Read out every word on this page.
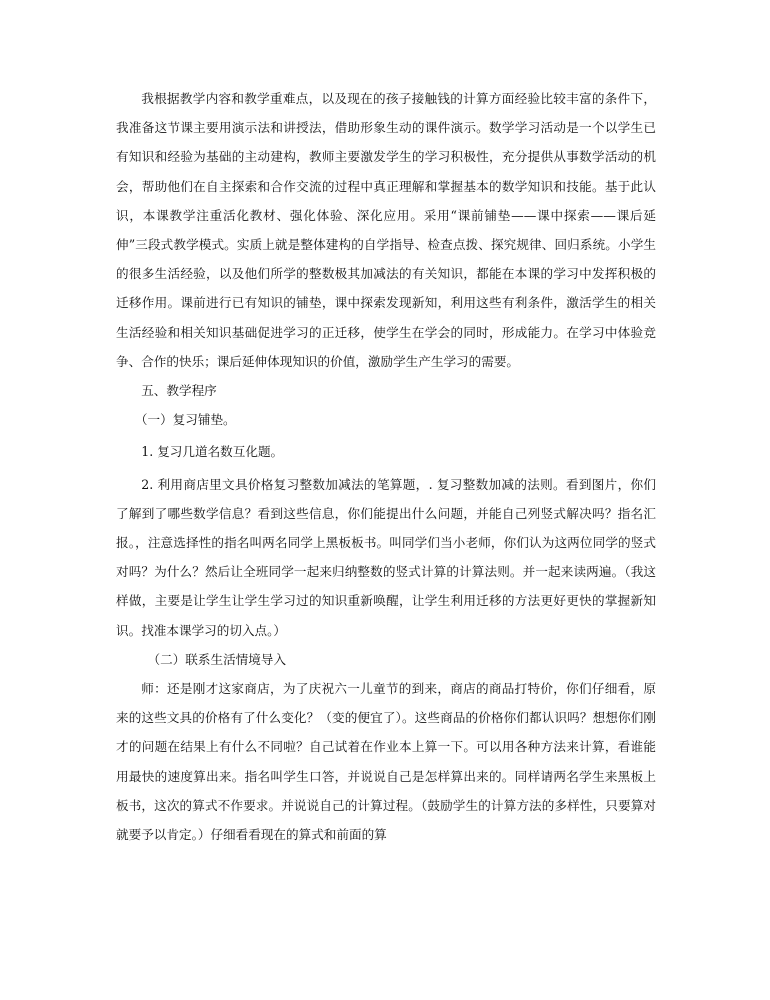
我根据教学内容和教学重难点，以及现在的孩子接触钱的计算方面经验比较丰富的条件下，我准备这节课主要用演示法和讲授法，借助形象生动的课件演示。数学学习活动是一个以学生已有知识和经验为基础的主动建构，教师主要激发学生的学习积极性，充分提供从事数学活动的机会，帮助他们在自主探索和合作交流的过程中真正理解和掌握基本的数学知识和技能。基于此认识，本课教学注重活化教材、强化体验、深化应用。采用“课前铺垫——课中探索——课后延伸”三段式教学模式。实质上就是整体建构的自学指导、检查点拨、探究规律、回归系统。小学生的很多生活经验，以及他们所学的整数极其加减法的有关知识，都能在本课的学习中发挥积极的迁移作用。课前进行已有知识的铺垫，课中探索发现新知，利用这些有利条件，激活学生的相关生活经验和相关知识基础促进学习的正迁移，使学生在学会的同时，形成能力。在学习中体验竞争、合作的快乐；课后延伸体现知识的价值，激励学生产生学习的需要。

五、教学程序

（一）复习铺垫。

1. 复习几道名数互化题。

2. 利用商店里文具价格复习整数加减法的笔算题，. 复习整数加减的法则。看到图片，你们了解到了哪些数学信息？看到这些信息，你们能提出什么问题，并能自己列竖式解决吗？指名汇报。，注意选择性的指名叫两名同学上黑板板书。叫同学们当小老师，你们认为这两位同学的竖式对吗？为什么？然后让全班同学一起来归纳整数的竖式计算的计算法则。并一起来读两遍。（我这样做，主要是让学生让学生学习过的知识重新唤醒，让学生利用迁移的方法更好更快的掌握新知识。找准本课学习的切入点。）

（二）联系生活情境导入

师：还是刚才这家商店，为了庆祝六一儿童节的到来，商店的商品打特价，你们仔细看，原来的这些文具的价格有了什么变化？（变的便宜了）。这些商品的价格你们都认识吗？想想你们刚才的问题在结果上有什么不同啦？自己试着在作业本上算一下。可以用各种方法来计算，看谁能用最快的速度算出来。指名叫学生口答，并说说自己是怎样算出来的。同样请两名学生来黑板上板书，这次的算式不作要求。并说说自己的计算过程。（鼓励学生的计算方法的多样性，只要算对就要予以肯定。）仔细看看现在的算式和前面的算
